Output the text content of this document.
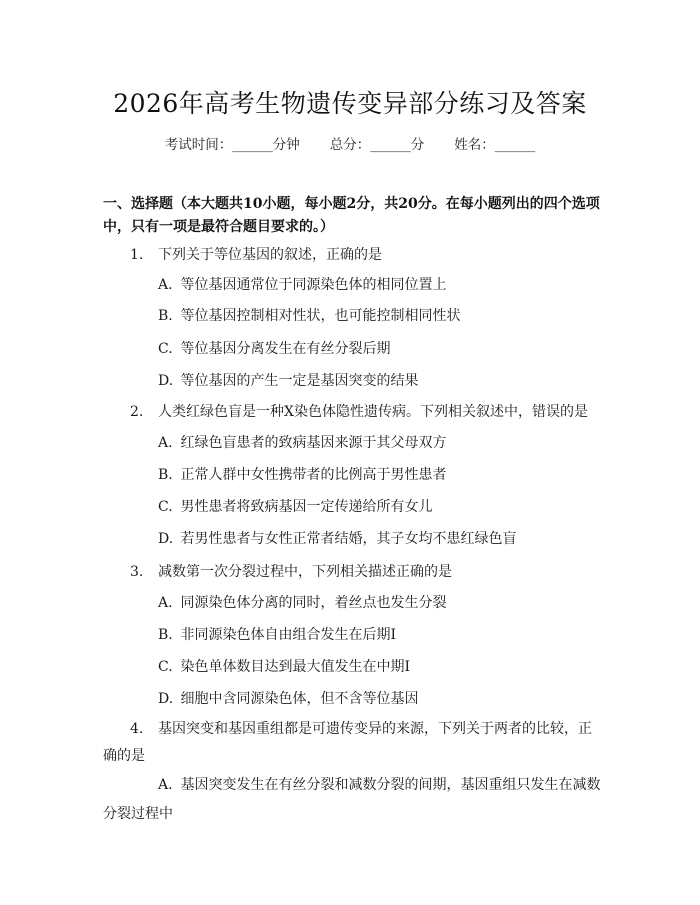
2026年高考生物遗传变异部分练习及答案
考试时间：______分钟 总分：______分 姓名：______
一、选择题（本大题共10小题，每小题2分，共20分。在每小题列出的四个选项中，只有一项是最符合题目要求的。）
1. 下列关于等位基因的叙述，正确的是
A. 等位基因通常位于同源染色体的相同位置上
B. 等位基因控制相对性状，也可能控制相同性状
C. 等位基因分离发生在有丝分裂后期
D. 等位基因的产生一定是基因突变的结果
2. 人类红绿色盲是一种X染色体隐性遗传病。下列相关叙述中，错误的是
A. 红绿色盲患者的致病基因来源于其父母双方
B. 正常人群中女性携带者的比例高于男性患者
C. 男性患者将致病基因一定传递给所有女儿
D. 若男性患者与女性正常者结婚，其子女均不患红绿色盲
3. 减数第一次分裂过程中，下列相关描述正确的是
A. 同源染色体分离的同时，着丝点也发生分裂
B. 非同源染色体自由组合发生在后期Ⅰ
C. 染色单体数目达到最大值发生在中期Ⅰ
D. 细胞中含同源染色体，但不含等位基因
4. 基因突变和基因重组都是可遗传变异的来源，下列关于两者的比较，正确的是
A. 基因突变发生在有丝分裂和减数分裂的间期，基因重组只发生在减数分裂过程中
